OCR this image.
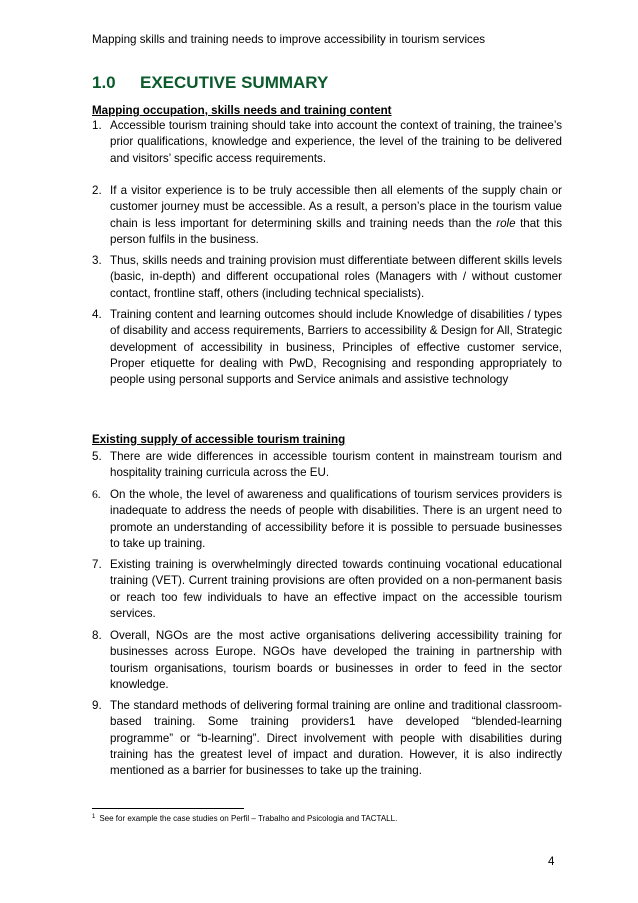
Mapping skills and training needs to improve accessibility in tourism services
1.0 EXECUTIVE SUMMARY
Mapping occupation, skills needs and training content
1. Accessible tourism training should take into account the context of training, the trainee’s prior qualifications, knowledge and experience, the level of the training to be delivered and visitors’ specific access requirements.
2. If a visitor experience is to be truly accessible then all elements of the supply chain or customer journey must be accessible. As a result, a person’s place in the tourism value chain is less important for determining skills and training needs than the role that this person fulfils in the business.
3. Thus, skills needs and training provision must differentiate between different skills levels (basic, in-depth) and different occupational roles (Managers with / without customer contact, frontline staff, others (including technical specialists).
4. Training content and learning outcomes should include Knowledge of disabilities / types of disability and access requirements, Barriers to accessibility & Design for All, Strategic development of accessibility in business, Principles of effective customer service, Proper etiquette for dealing with PwD, Recognising and responding appropriately to people using personal supports and Service animals and assistive technology
Existing supply of accessible tourism training
5. There are wide differences in accessible tourism content in mainstream tourism and hospitality training curricula across the EU.
6. On the whole, the level of awareness and qualifications of tourism services providers is inadequate to address the needs of people with disabilities. There is an urgent need to promote an understanding of accessibility before it is possible to persuade businesses to take up training.
7. Existing training is overwhelmingly directed towards continuing vocational educational training (VET). Current training provisions are often provided on a non-permanent basis or reach too few individuals to have an effective impact on the accessible tourism services.
8. Overall, NGOs are the most active organisations delivering accessibility training for businesses across Europe. NGOs have developed the training in partnership with tourism organisations, tourism boards or businesses in order to feed in the sector knowledge.
9. The standard methods of delivering formal training are online and traditional classroom-based training. Some training providers1 have developed “blended-learning programme” or “b-learning”. Direct involvement with people with disabilities during training has the greatest level of impact and duration. However, it is also indirectly mentioned as a barrier for businesses to take up the training.
$^1$ See for example the case studies on Perfil – Trabalho and Psicologia and TACTALL.
4
